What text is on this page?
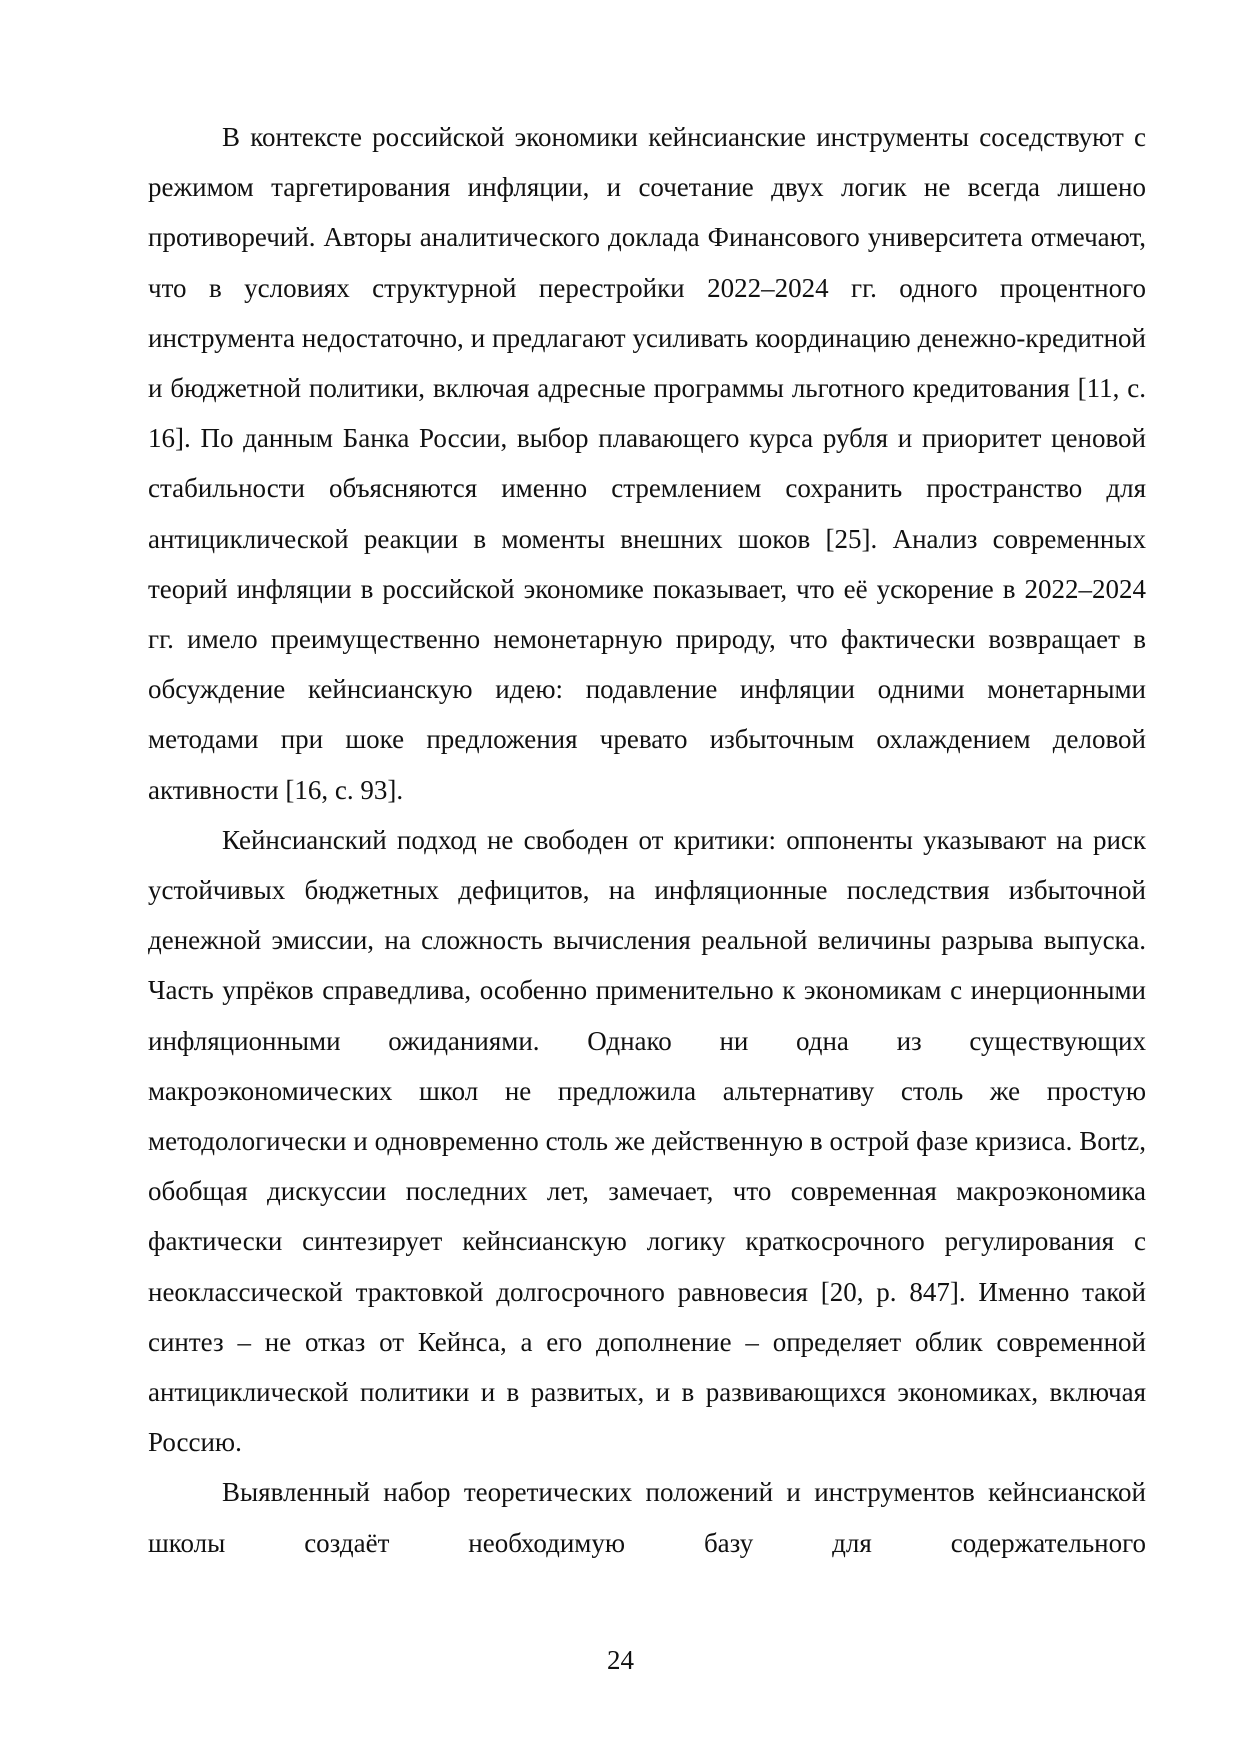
В контексте российской экономики кейнсианские инструменты соседствуют с режимом таргетирования инфляции, и сочетание двух логик не всегда лишено противоречий. Авторы аналитического доклада Финансового университета отмечают, что в условиях структурной перестройки 2022–2024 гг. одного процентного инструмента недостаточно, и предлагают усиливать координацию денежно-кредитной и бюджетной политики, включая адресные программы льготного кредитования [11, с. 16]. По данным Банка России, выбор плавающего курса рубля и приоритет ценовой стабильности объясняются именно стремлением сохранить пространство для антициклической реакции в моменты внешних шоков [25]. Анализ современных теорий инфляции в российской экономике показывает, что её ускорение в 2022–2024 гг. имело преимущественно немонетарную природу, что фактически возвращает в обсуждение кейнсианскую идею: подавление инфляции одними монетарными методами при шоке предложения чревато избыточным охлаждением деловой активности [16, с. 93].

Кейнсианский подход не свободен от критики: оппоненты указывают на риск устойчивых бюджетных дефицитов, на инфляционные последствия избыточной денежной эмиссии, на сложность вычисления реальной величины разрыва выпуска. Часть упрёков справедлива, особенно применительно к экономикам с инерционными инфляционными ожиданиями. Однако ни одна из существующих макроэкономических школ не предложила альтернативу столь же простую методологически и одновременно столь же действенную в острой фазе кризиса. Bortz, обобщая дискуссии последних лет, замечает, что современная макроэкономика фактически синтезирует кейнсианскую логику краткосрочного регулирования с неоклассической трактовкой долгосрочного равновесия [20, p. 847]. Именно такой синтез – не отказ от Кейнса, а его дополнение – определяет облик современной антициклической политики и в развитых, и в развивающихся экономиках, включая Россию.

Выявленный набор теоретических положений и инструментов кейнсианской школы создаёт необходимую базу для содержательного

24
